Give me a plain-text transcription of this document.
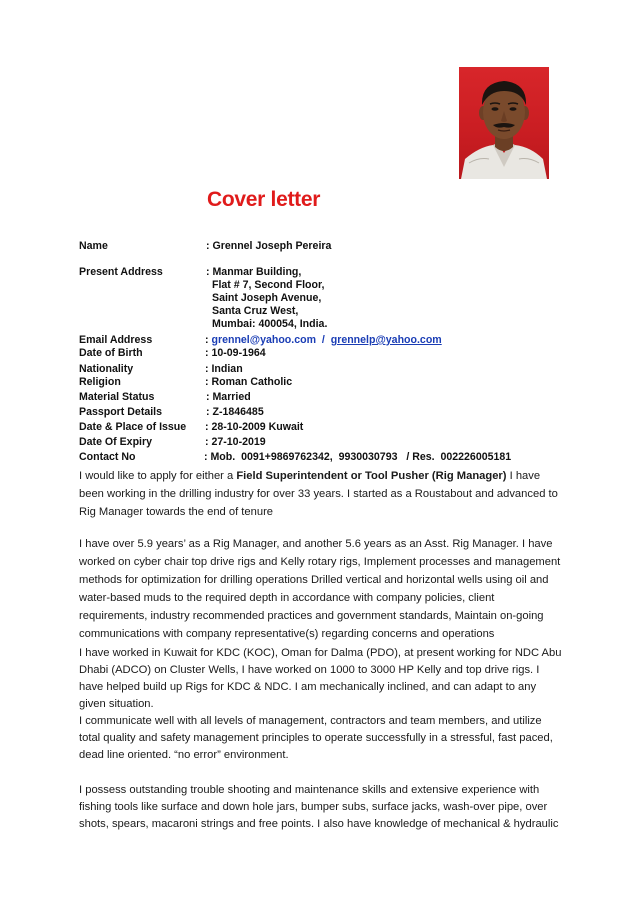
Cover letter
Name	: Grennel Joseph Pereira
Present Address	: Manmar Building,
Flat # 7, Second Floor,
Saint Joseph Avenue,
Santa Cruz West,
Mumbai: 400054, India.
Email Address	: grennel@yahoo.com  /  grennelp@yahoo.com
Date of Birth	: 10-09-1964
Nationality	: Indian
Religion	: Roman Catholic
Material Status	: Married
Passport Details	: Z-1846485
Date & Place of Issue : 28-10-2009 Kuwait
Date Of Expiry	: 27-10-2019
Contact No	: Mob.  0091+9869762342,  9930030793   / Res.  002226005181
I would like to apply for either a Field Superintendent or Tool Pusher (Rig Manager) I have been working in the drilling industry for over 33 years. I started as a Roustabout and advanced to Rig Manager towards the end of tenure
I have over 5.9 years’ as a Rig Manager, and another 5.6 years as an Asst. Rig Manager. I have worked on cyber chair top drive rigs and Kelly rotary rigs, Implement processes and management methods for optimization for drilling operations Drilled vertical and horizontal wells using oil and water-based muds to the required depth in accordance with company policies, client requirements, industry recommended practices and government standards, Maintain on-going communications with company representative(s) regarding concerns and operations
I have worked in Kuwait for KDC (KOC), Oman for Dalma (PDO), at present working for NDC Abu Dhabi (ADCO) on Cluster Wells, I have worked on 1000 to 3000 HP Kelly and top drive rigs. I have helped build up Rigs for KDC & NDC. I am mechanically inclined, and can adapt to any given situation.
I communicate well with all levels of management, contractors and team members, and utilize total quality and safety management principles to operate successfully in a stressful, fast paced, dead line oriented. “no error” environment.
I possess outstanding trouble shooting and maintenance skills and extensive experience with fishing tools like surface and down hole jars, bumper subs, surface jacks, wash-over pipe, over shots, spears, macaroni strings and free points. I also have knowledge of mechanical & hydraulic
